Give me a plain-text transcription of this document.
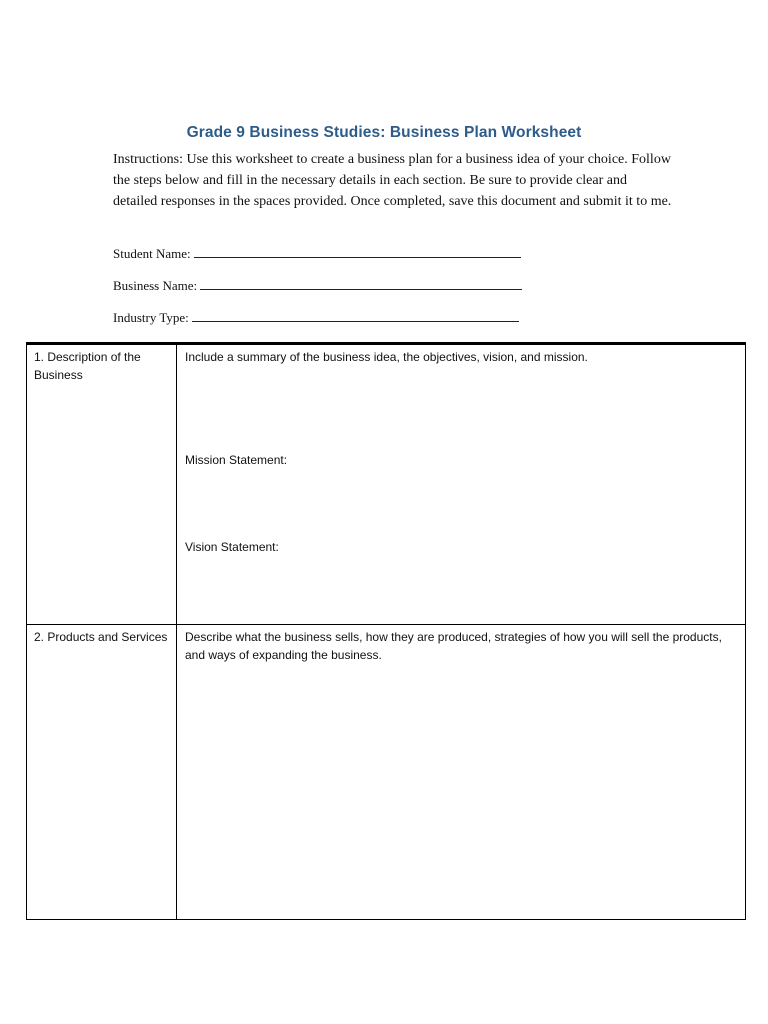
Grade 9 Business Studies: Business Plan Worksheet
Instructions: Use this worksheet to create a business plan for a business idea of your choice. Follow the steps below and fill in the necessary details in each section. Be sure to provide clear and detailed responses in the spaces provided. Once completed, save this document and submit it to me.
Student Name:
Business Name:
Industry Type:
1. Description of the Business
Include a summary of the business idea, the objectives, vision, and mission.
Mission Statement:
Vision Statement:
2. Products and Services	Describe what the business sells, how they are produced, strategies of how you will sell the products, and ways of expanding the business.
